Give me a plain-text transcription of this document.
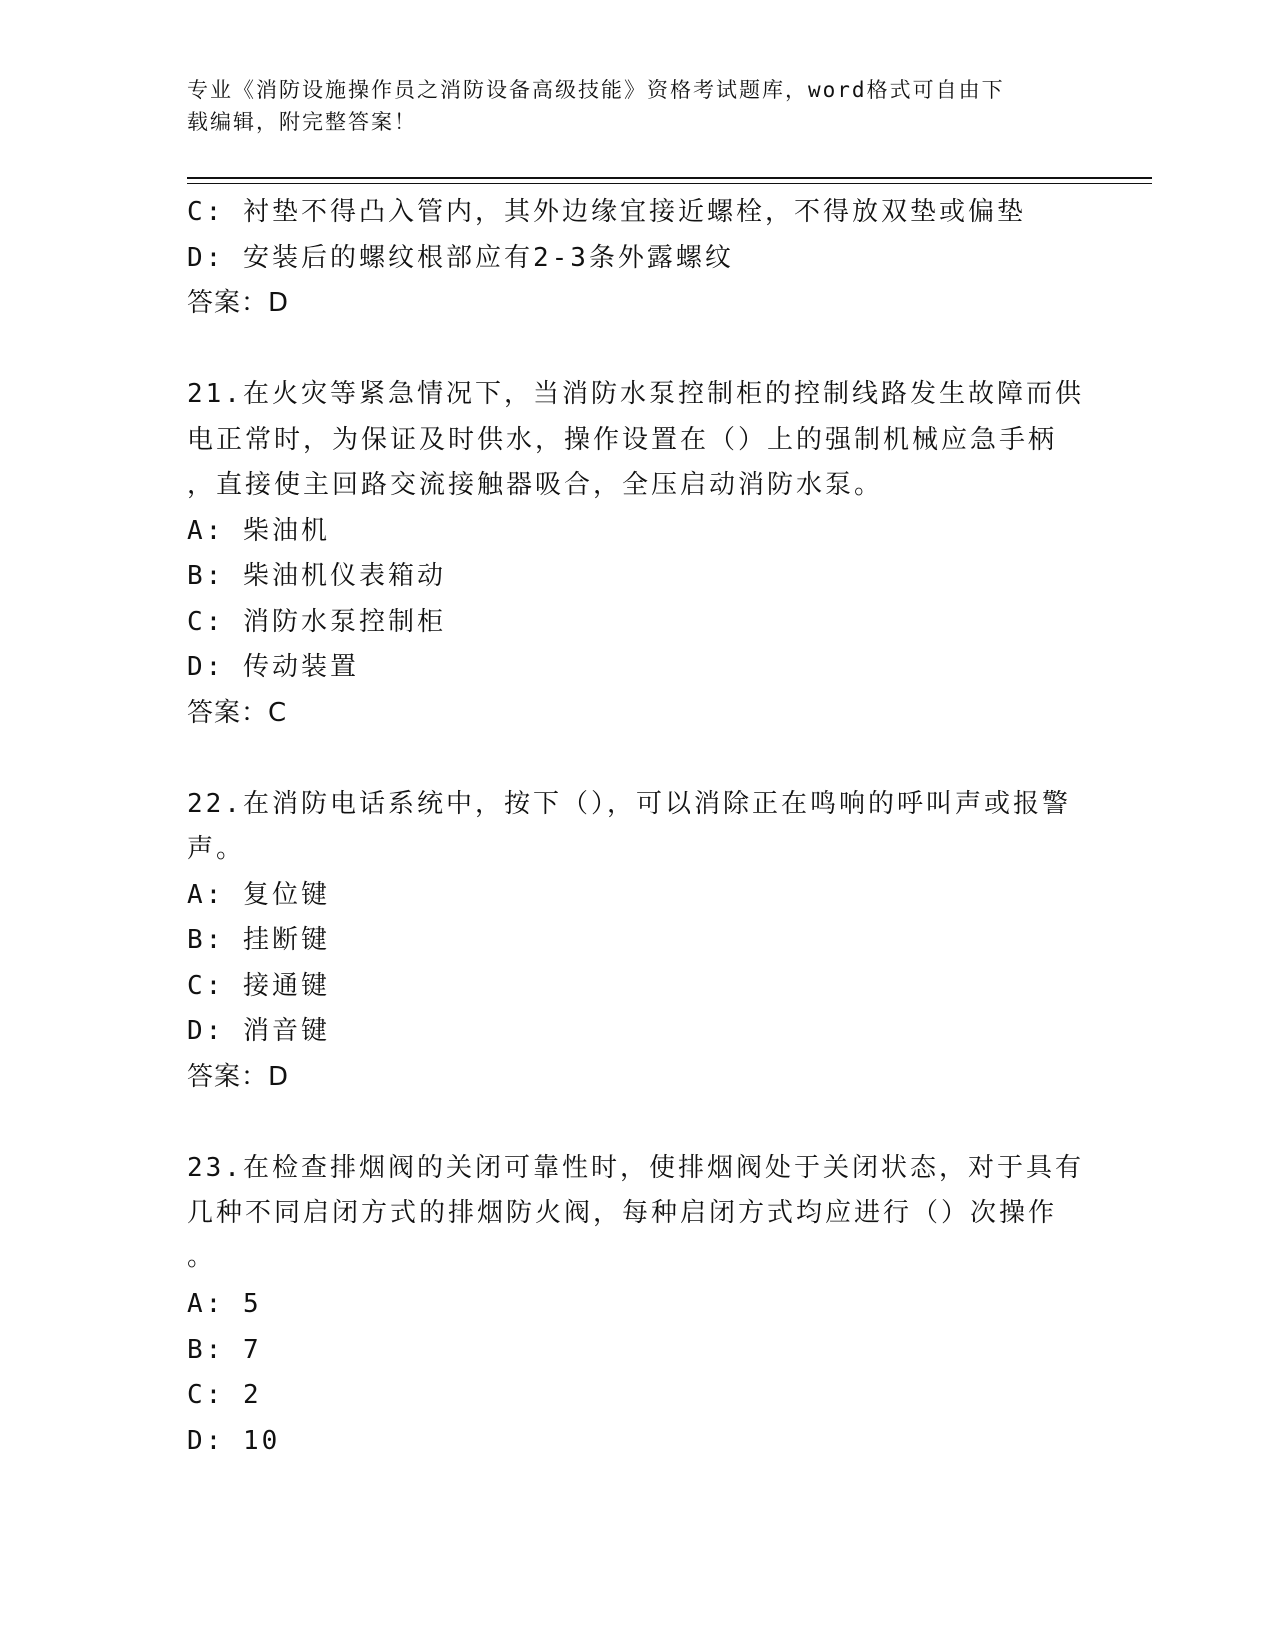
专业《消防设施操作员之消防设备高级技能》资格考试题库，word格式可自由下
载编辑，附完整答案！
C: 衬垫不得凸入管内，其外边缘宜接近螺栓，不得放双垫或偏垫
D: 安装后的螺纹根部应有2-3条外露螺纹
答案：D
21.在火灾等紧急情况下，当消防水泵控制柜的控制线路发生故障而供
电正常时，为保证及时供水，操作设置在（）上的强制机械应急手柄
，直接使主回路交流接触器吸合，全压启动消防水泵。
A: 柴油机
B: 柴油机仪表箱动
C: 消防水泵控制柜
D: 传动装置
答案：C
22.在消防电话系统中，按下（），可以消除正在鸣响的呼叫声或报警
声。
A: 复位键
B: 挂断键
C: 接通键
D: 消音键
答案：D
23.在检查排烟阀的关闭可靠性时，使排烟阀处于关闭状态，对于具有
几种不同启闭方式的排烟防火阀，每种启闭方式均应进行（）次操作
。
A: 5
B: 7
C: 2
D: 10
